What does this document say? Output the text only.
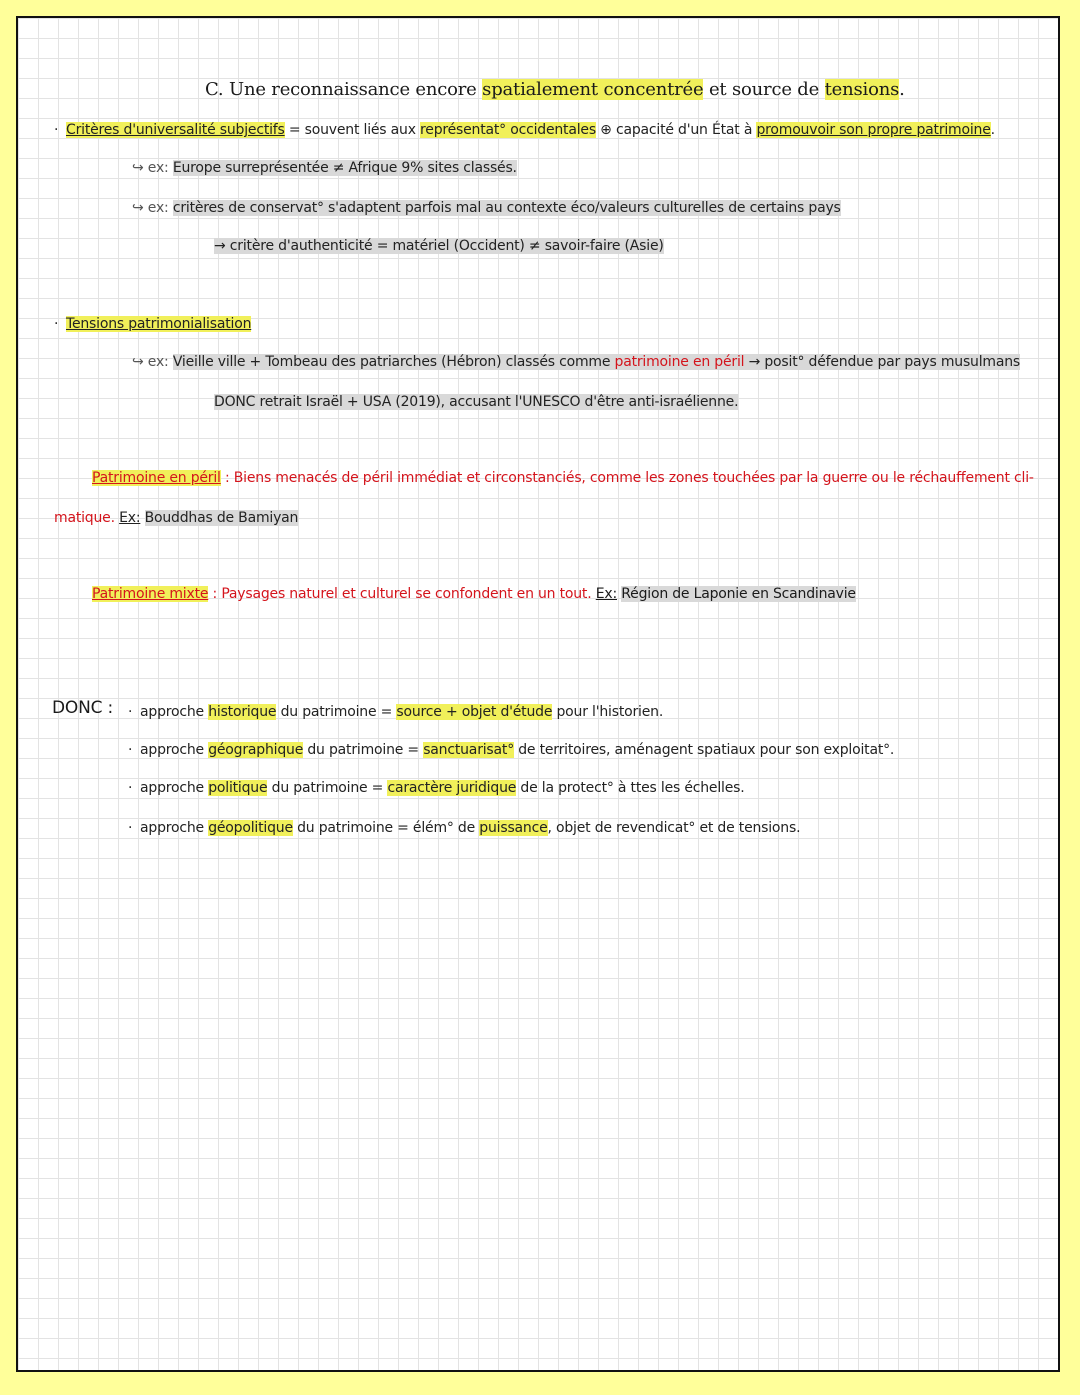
C. Une reconnaissance encore spatialement concentrée et source de tensions.
· Critères d'universalité subjectifs = souvent liés aux représentat° occidentales ⊕ capacité d'un État à promouvoir son propre patrimoine.
↪ ex: Europe surreprésentée ≠ Afrique 9% sites classés.
↪ ex: critères de conservat° s'adaptent parfois mal au contexte éco/valeurs culturelles de certains pays
→ critère d'authenticité = matériel (Occident) ≠ savoir-faire (Asie)
· Tensions patrimonialisation
↪ ex: Vieille ville + Tombeau des patriarches (Hébron) classés comme patrimoine en péril → posit° défendue par pays musulmans
DONC retrait Israël + USA (2019), accusant l'UNESCO d'être anti-israélienne.
Patrimoine en péril : Biens menacés de péril immédiat et circonstanciés, comme les zones touchées par la guerre ou le réchauffement cli-
matique. Ex: Bouddhas de Bamiyan
Patrimoine mixte : Paysages naturel et culturel se confondent en un tout. Ex: Région de Laponie en Scandinavie
DONC : · approche historique du patrimoine = source + objet d'étude pour l'historien.
· approche géographique du patrimoine = sanctuarisat° de territoires, aménagent spatiaux pour son exploitat°.
· approche politique du patrimoine = caractère juridique de la protect° à ttes les échelles.
· approche géopolitique du patrimoine = élém° de puissance, objet de revendicat° et de tensions.
